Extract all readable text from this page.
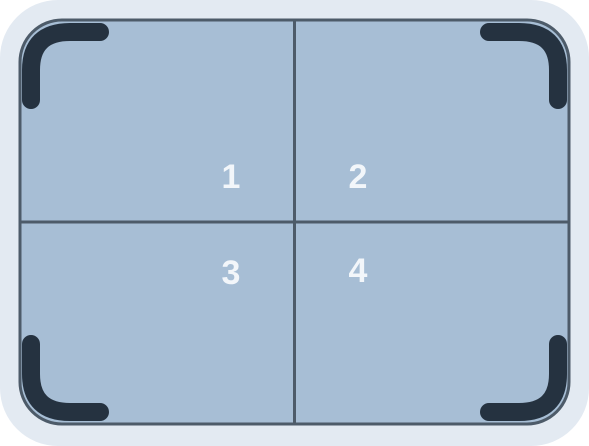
1	2
3	4
